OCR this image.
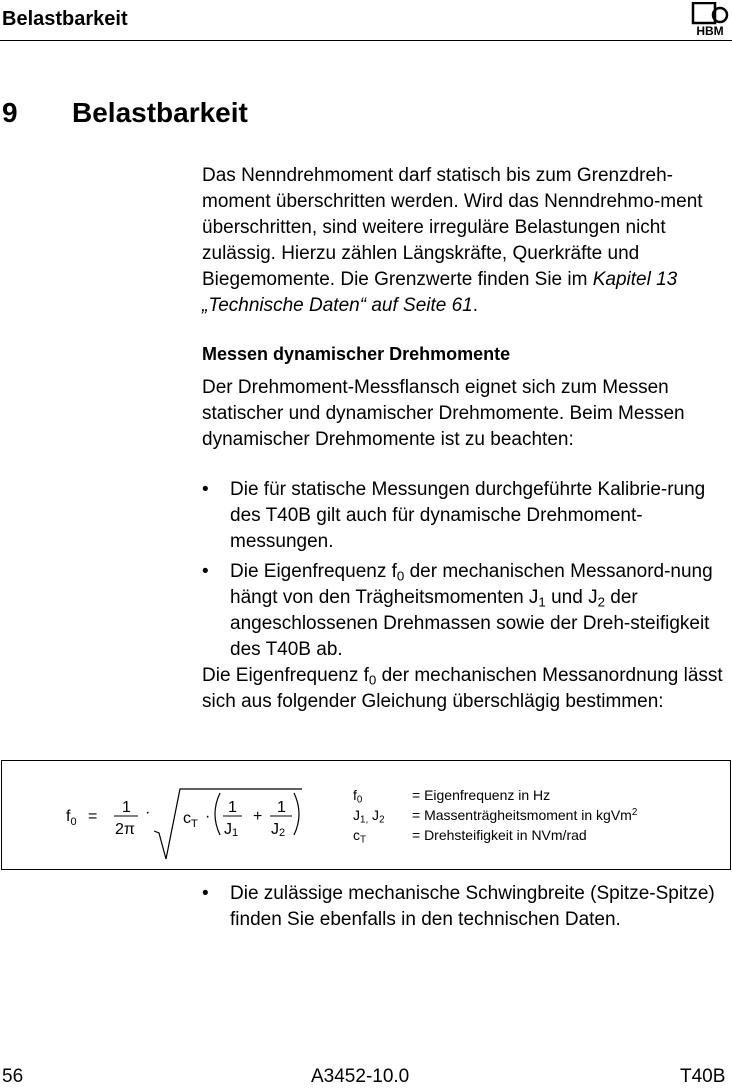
Belastbarkeit
HBM
9 Belastbarkeit
Das Nenndrehmoment darf statisch bis zum Grenzdreh-moment überschritten werden. Wird das Nenndrehmo-ment überschritten, sind weitere irreguläre Belastungen nicht zulässig. Hierzu zählen Längskräfte, Querkräfte und Biegemomente. Die Grenzwerte finden Sie im Kapitel 13 „Technische Daten“ auf Seite 61.
Messen dynamischer Drehmomente
Der Drehmoment-Messflansch eignet sich zum Messen statischer und dynamischer Drehmomente. Beim Messen dynamischer Drehmomente ist zu beachten:
• Die für statische Messungen durchgeführte Kalibrie-rung des T40B gilt auch für dynamische Drehmoment-messungen.
• Die Eigenfrequenz $f_0$ der mechanischen Messanord-nung hängt von den Trägheitsmomenten $J_1$ und $J_2$ der angeschlossenen Drehmassen sowie der Dreh-steifigkeit des T40B ab.
Die Eigenfrequenz $f_0$ der mechanischen Messanordnung lässt sich aus folgender Gleichung überschlägig bestimmen:
$f_0$ =
1
2π
· $c_T$ ·
1
J1
+
1
J2
$f_0$	= Eigenfrequenz in Hz
$J_{1,}$ $J_2$ = Massenträgheitsmoment in kgVm$^2$
$c_T$	= Drehsteifigkeit in NVm/rad
• Die zulässige mechanische Schwingbreite (Spitze-Spitze) finden Sie ebenfalls in den technischen Daten.
56	A3452-10.0	T40B
